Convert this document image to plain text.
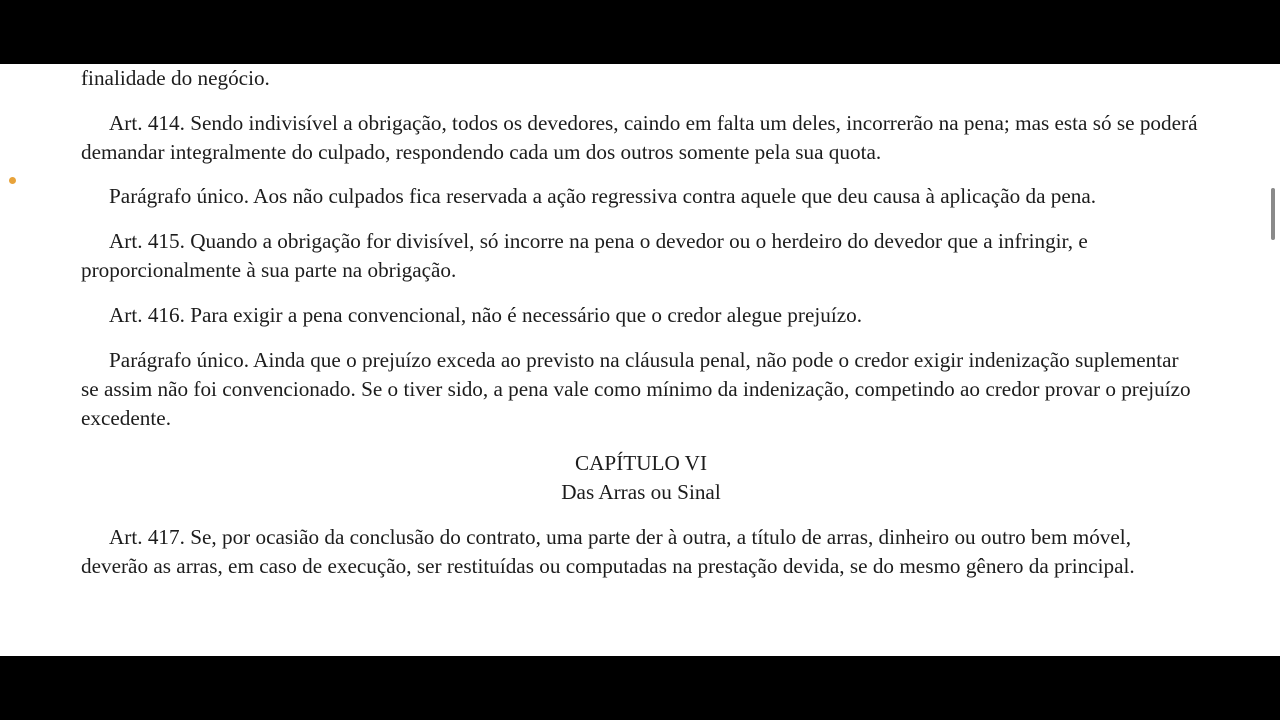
finalidade do negócio.

Art. 414. Sendo indivisível a obrigação, todos os devedores, caindo em falta um deles, incorrerão na pena; mas esta só se poderá demandar integralmente do culpado, respondendo cada um dos outros somente pela sua quota.

Parágrafo único. Aos não culpados fica reservada a ação regressiva contra aquele que deu causa à aplicação da pena.

Art. 415. Quando a obrigação for divisível, só incorre na pena o devedor ou o herdeiro do devedor que a infringir, e proporcionalmente à sua parte na obrigação.

Art. 416. Para exigir a pena convencional, não é necessário que o credor alegue prejuízo.

Parágrafo único. Ainda que o prejuízo exceda ao previsto na cláusula penal, não pode o credor exigir indenização suplementar se assim não foi convencionado. Se o tiver sido, a pena vale como mínimo da indenização, competindo ao credor provar o prejuízo excedente.

CAPÍTULO VI
Das Arras ou Sinal

Art. 417. Se, por ocasião da conclusão do contrato, uma parte der à outra, a título de arras, dinheiro ou outro bem móvel, deverão as arras, em caso de execução, ser restituídas ou computadas na prestação devida, se do mesmo gênero da principal.
